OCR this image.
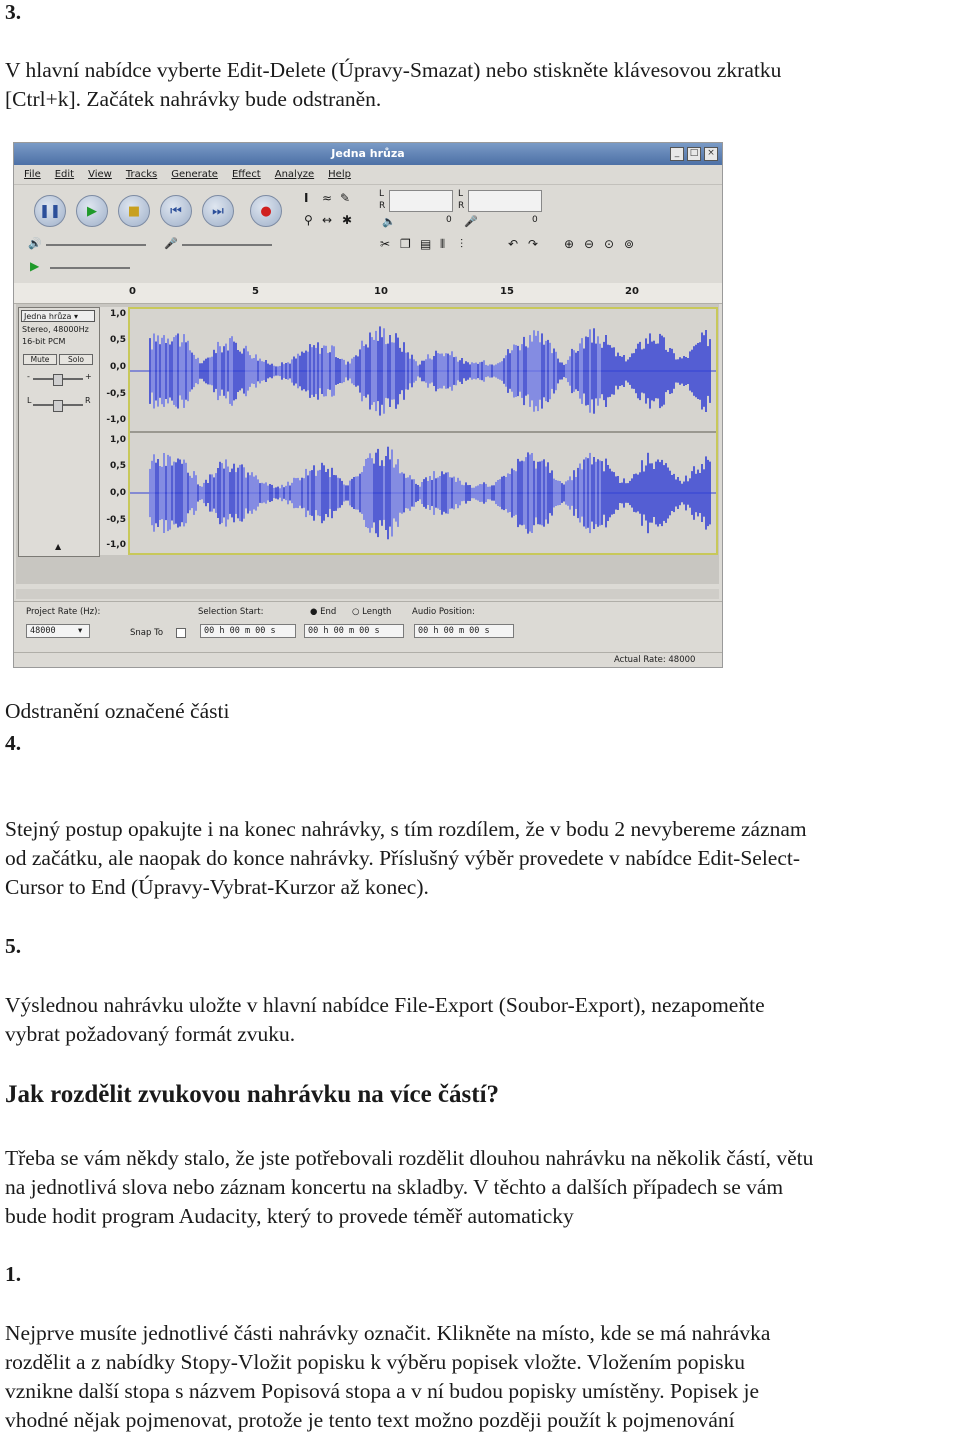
3.

V hlavní nabídce vyberte Edit-Delete (Úpravy-Smazat) nebo stiskněte klávesovou zkratku

[Ctrl+k]. Začátek nahrávky bude odstraněn.

Jedna hrůza	_	□ ×
File Edit View Tracks Generate Effect Analyze Help
❚❚ ▶ ■ ⏮ ⏭	●
I ≈ ✎
⚲ ↔ ✱
L
R
L
R
🔈	0 🎤	0
🔊	🎤
▶
✂ ❐ ▤ ⫴ ⫶	↶ ↷ ⊕ ⊖ ⊙ ⊚
0	5	10	15	20
Jedna hrůza ▾
Stereo, 48000Hz
16-bit PCM
Mute	Solo
-	+
L	R
▲
1,0
0,5
0,0
-0,5
-1,0
1,0
0,5
0,0
-0,5
-1,0
Project Rate (Hz):
48000	▾	Snap To
Selection Start:	● End ○ Length Audio Position:
00 h 00 m 00 s	00 h 00 m 00 s	00 h 00 m 00 s
Actual Rate: 48000

Odstranění označené části

4.

Stejný postup opakujte i na konec nahrávky, s tím rozdílem, že v bodu 2 nevybereme záznam

od začátku, ale naopak do konce nahrávky. Příslušný výběr provedete v nabídce Edit-Select-

Cursor to End (Úpravy-Vybrat-Kurzor až konec).

5.

Výslednou nahrávku uložte v hlavní nabídce File-Export (Soubor-Export), nezapomeňte

vybrat požadovaný formát zvuku.

Jak rozdělit zvukovou nahrávku na více částí?

Třeba se vám někdy stalo, že jste potřebovali rozdělit dlouhou nahrávku na několik částí, větu

na jednotlivá slova nebo záznam koncertu na skladby. V těchto a dalších případech se vám

bude hodit program Audacity, který to provede téměř automaticky

1.

Nejprve musíte jednotlivé části nahrávky označit. Klikněte na místo, kde se má nahrávka

rozdělit a z nabídky Stopy-Vložit popisku k výběru popisek vložte. Vložením popisku

vznikne další stopa s názvem Popisová stopa a v ní budou popisky umístěny. Popisek je

vhodné nějak pojmenovat, protože je tento text možno později použít k pojmenování
